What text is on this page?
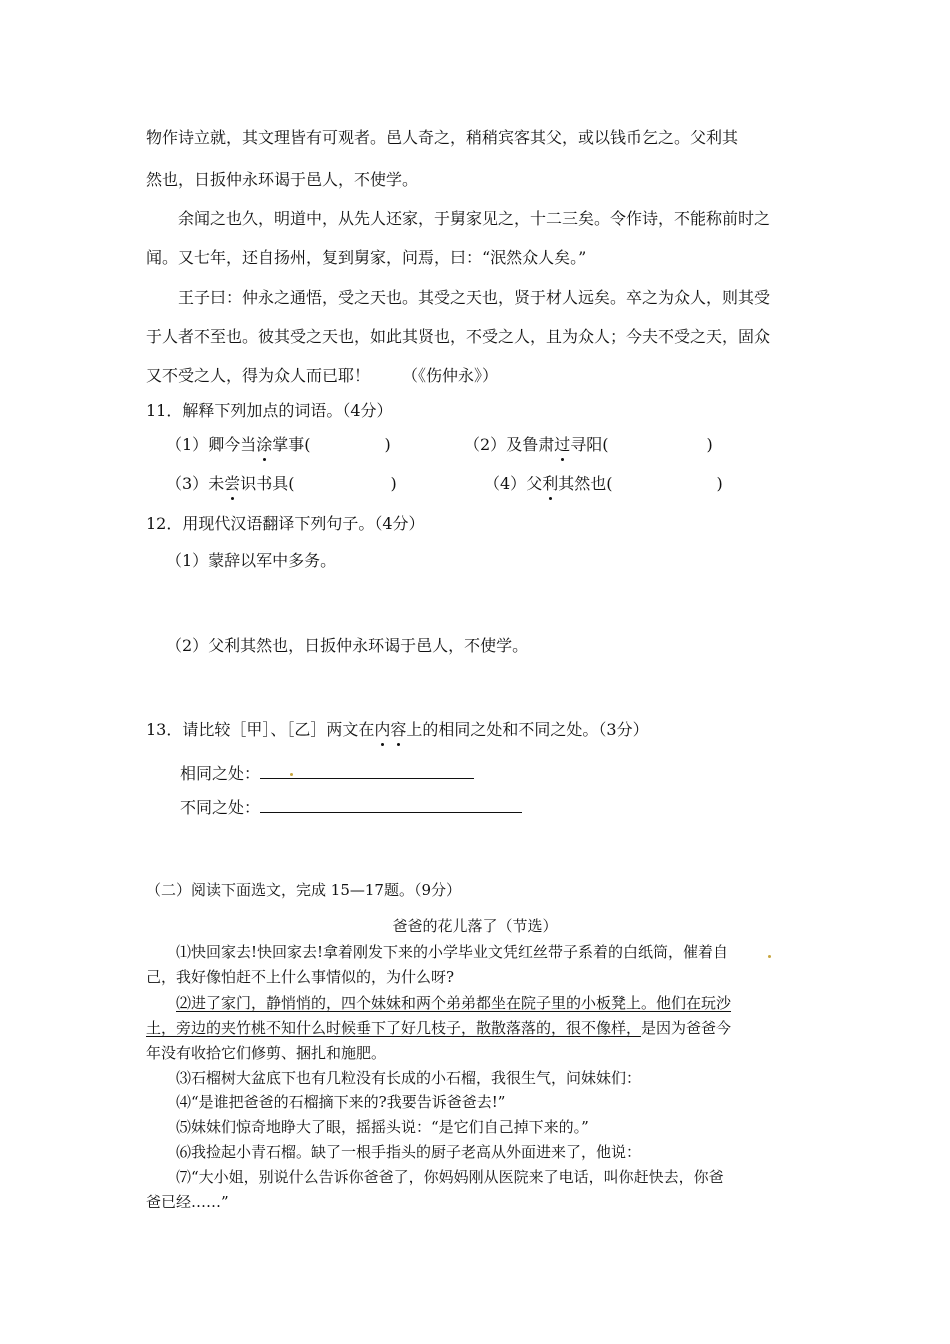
物作诗立就，其文理皆有可观者。邑人奇之，稍稍宾客其父，或以钱币乞之。父利其
然也，日扳仲永环谒于邑人，不使学。
余闻之也久，明道中，从先人还家，于舅家见之，十二三矣。令作诗，不能称前时之
闻。又七年，还自扬州，复到舅家，问焉，曰：“泯然众人矣。”
王子曰：仲永之通悟，受之天也。其受之天也，贤于材人远矣。卒之为众人，则其受
于人者不至也。彼其受之天也，如此其贤也，不受之人，且为众人；今夫不受之天，固众
又不受之人，得为众人而已耶！ （《伤仲永》）
11．解释下列加点的词语。（4分）
（1）卿今当涂掌事(	)	（2）及鲁肃过寻阳(	)
（3）未尝识书具(	)	（4）父利其然也(	)
12．用现代汉语翻译下列句子。（4分）
（1）蒙辞以军中多务。
（2）父利其然也，日扳仲永环谒于邑人，不使学。
13．请比较［甲］、［乙］两文在内容上的相同之处和不同之处。（3分）
相同之处：
不同之处：
（二）阅读下面选文，完成 15—17题。（9分）
爸爸的花儿落了（节选）
⑴快回家去!快回家去!拿着刚发下来的小学毕业文凭红丝带子系着的白纸筒，催着自
己，我好像怕赶不上什么事情似的，为什么呀?
⑵进了家门，静悄悄的，四个妹妹和两个弟弟都坐在院子里的小板凳上。他们在玩沙
土，旁边的夹竹桃不知什么时候垂下了好几枝子，散散落落的，很不像样，是因为爸爸今
年没有收拾它们修剪、捆扎和施肥。
⑶石榴树大盆底下也有几粒没有长成的小石榴，我很生气，问妹妹们：
⑷“是谁把爸爸的石榴摘下来的?我要告诉爸爸去!”
⑸妹妹们惊奇地睁大了眼，摇摇头说：“是它们自己掉下来的。”
⑹我捡起小青石榴。缺了一根手指头的厨子老高从外面进来了，他说：
⑺“大小姐，别说什么告诉你爸爸了，你妈妈刚从医院来了电话，叫你赶快去，你爸
爸已经……”
